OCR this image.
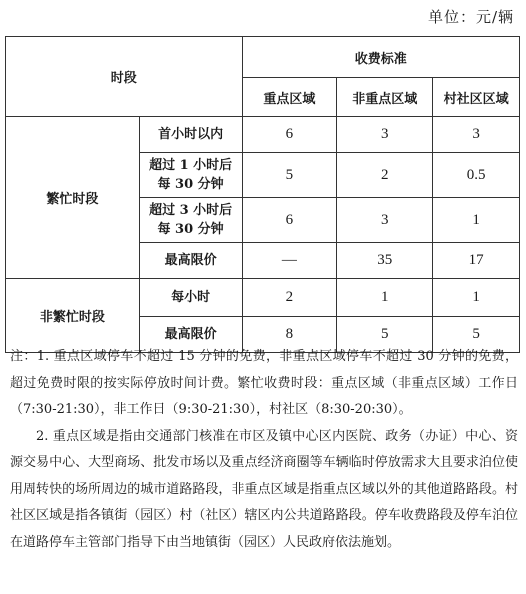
单位：元/辆
时段		收费标准		
		重点区域	非重点区域	村社区区域
繁忙时段	首小时以内	6	3	3

	超过 1 小时后
每 30 分钟	5	2	0.5

	超过 3 小时后
每 30 分钟	6	3	1

	最高限价	—	35	17
非繁忙时段	每小时	2	1	1

	最高限价	8	5	5

注：1. 重点区域停车不超过 15 分钟的免费，非重点区域停车不超过 30 分钟的免费，超过免费时限的按实际停放时间计费。繁忙收费时段：重点区域（非重点区域）工作日（7:30-21:30），非工作日（9:30-21:30），村社区（8:30-20:30）。

2. 重点区域是指由交通部门核准在市区及镇中心区内医院、政务（办证）中心、资源交易中心、大型商场、批发市场以及重点经济商圈等车辆临时停放需求大且要求泊位使用周转快的场所周边的城市道路路段，非重点区域是指重点区域以外的其他道路路段。村社区区域是指各镇街（园区）村（社区）辖区内公共道路路段。停车收费路段及停车泊位在道路停车主管部门指导下由当地镇街（园区）人民政府依法施划。
